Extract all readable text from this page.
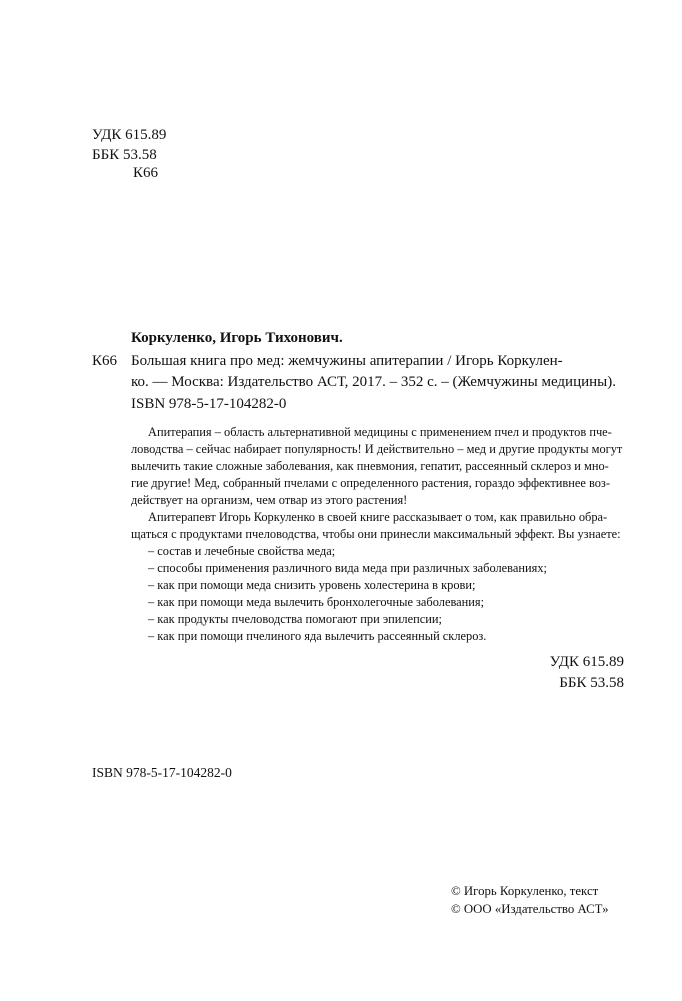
УДК 615.89
ББК 53.58
К66
Коркуленко, Игорь Тихонович.
К66 Большая книга про мед: жемчужины апитерапии / Игорь Коркулен-
ко. — Москва: Издательство АСТ, 2017. – 352 с. – (Жемчужины медицины).
ISBN 978-5-17-104282-0
Апитерапия – область альтернативной медицины с применением пчел и продуктов пче-
ловодства – сейчас набирает популярность! И действительно – мед и другие продукты могут
вылечить такие сложные заболевания, как пневмония, гепатит, рассеянный склероз и мно-
гие другие! Мед, собранный пчелами с определенного растения, гораздо эффективнее воз-
действует на организм, чем отвар из этого растения!
Апитерапевт Игорь Коркуленко в своей книге рассказывает о том, как правильно обра-
щаться с продуктами пчеловодства, чтобы они принесли максимальный эффект. Вы узнаете:
– состав и лечебные свойства меда;
– способы применения различного вида меда при различных заболеваниях;
– как при помощи меда снизить уровень холестерина в крови;
– как при помощи меда вылечить бронхолегочные заболевания;
– как продукты пчеловодства помогают при эпилепсии;
– как при помощи пчелиного яда вылечить рассеянный склероз.
УДК 615.89
ББК 53.58
ISBN 978-5-17-104282-0
© Игорь Коркуленко, текст
© ООО «Издательство АСТ»
